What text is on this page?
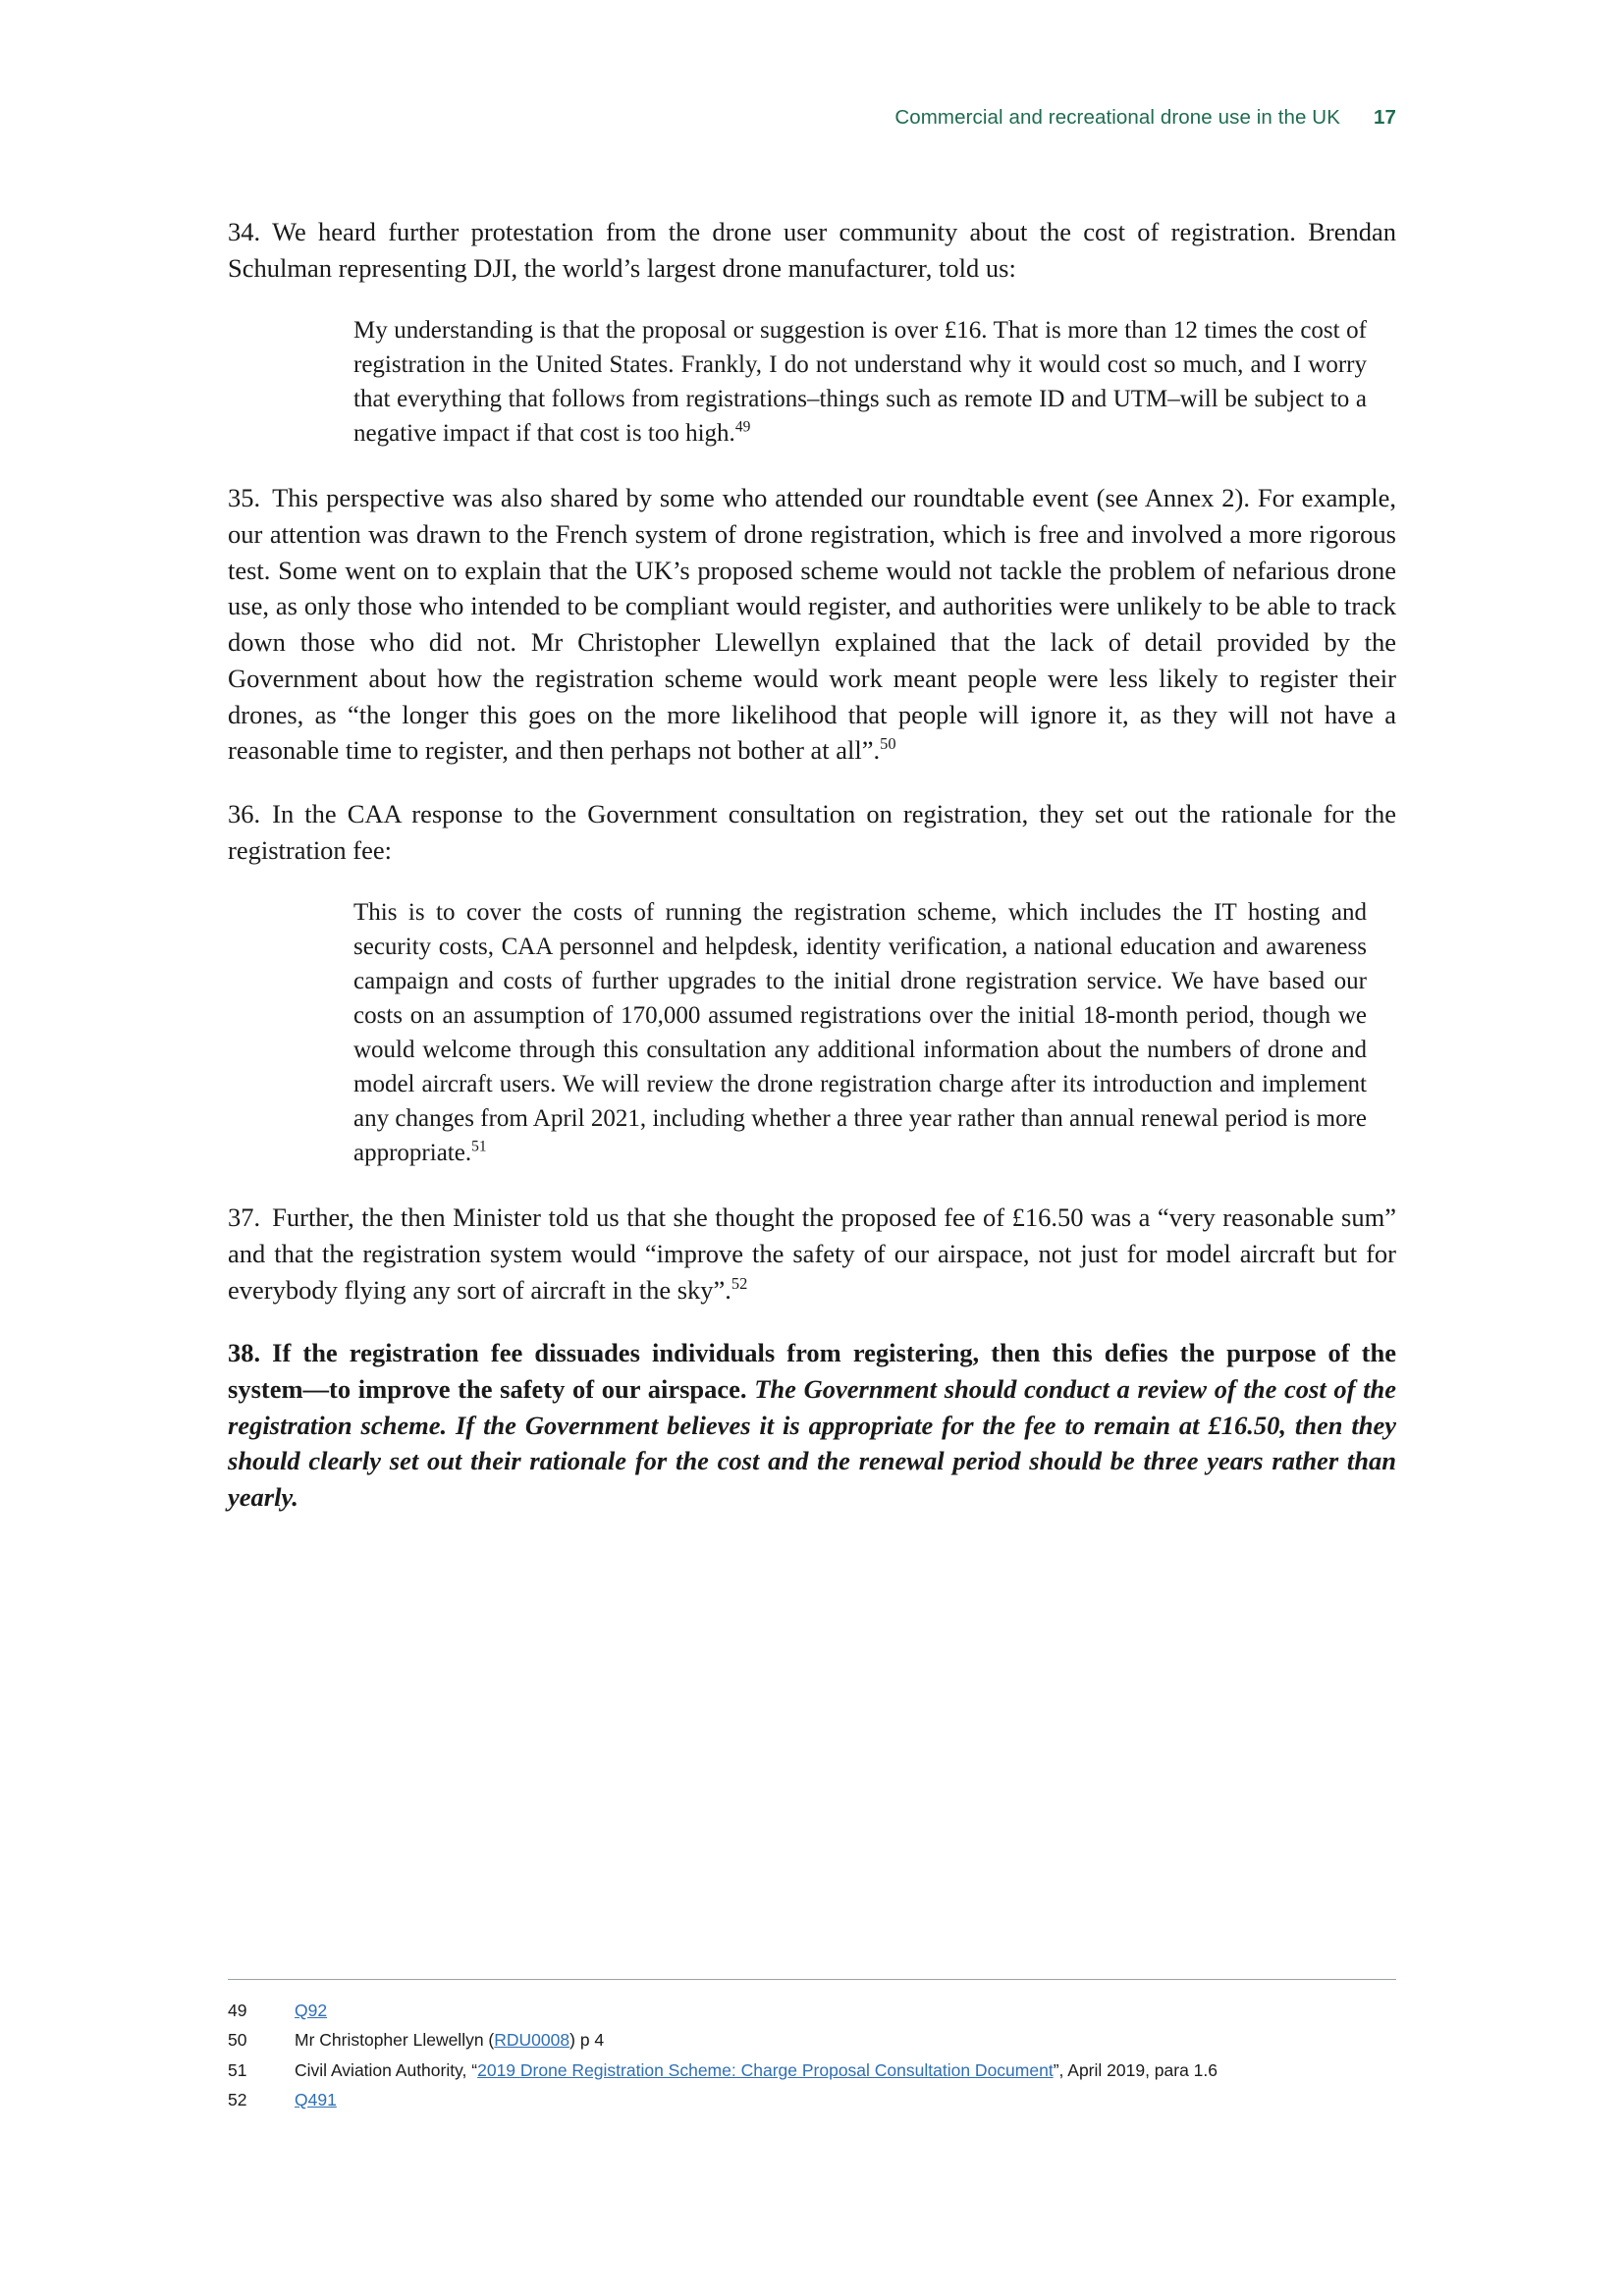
Commercial and recreational drone use in the UK 17

34. We heard further protestation from the drone user community about the cost of registration. Brendan Schulman representing DJI, the world’s largest drone manufacturer, told us:

My understanding is that the proposal or suggestion is over £16. That is more than 12 times the cost of registration in the United States. Frankly, I do not understand why it would cost so much, and I worry that everything that follows from registrations–things such as remote ID and UTM–will be subject to a negative impact if that cost is too high.$^{49}$

35. This perspective was also shared by some who attended our roundtable event (see Annex 2). For example, our attention was drawn to the French system of drone registration, which is free and involved a more rigorous test. Some went on to explain that the UK’s proposed scheme would not tackle the problem of nefarious drone use, as only those who intended to be compliant would register, and authorities were unlikely to be able to track down those who did not. Mr Christopher Llewellyn explained that the lack of detail provided by the Government about how the registration scheme would work meant people were less likely to register their drones, as “the longer this goes on the more likelihood that people will ignore it, as they will not have a reasonable time to register, and then perhaps not bother at all”.$^{50}$

36. In the CAA response to the Government consultation on registration, they set out the rationale for the registration fee:

This is to cover the costs of running the registration scheme, which includes the IT hosting and security costs, CAA personnel and helpdesk, identity verification, a national education and awareness campaign and costs of further upgrades to the initial drone registration service. We have based our costs on an assumption of 170,000 assumed registrations over the initial 18-month period, though we would welcome through this consultation any additional information about the numbers of drone and model aircraft users. We will review the drone registration charge after its introduction and implement any changes from April 2021, including whether a three year rather than annual renewal period is more appropriate.$^{51}$

37. Further, the then Minister told us that she thought the proposed fee of £16.50 was a “very reasonable sum” and that the registration system would “improve the safety of our airspace, not just for model aircraft but for everybody flying any sort of aircraft in the sky”.$^{52}$

38. If the registration fee dissuades individuals from registering, then this defies the purpose of the system—to improve the safety of our airspace. The Government should conduct a review of the cost of the registration scheme. If the Government believes it is appropriate for the fee to remain at £16.50, then they should clearly set out their rationale for the cost and the renewal period should be three years rather than yearly.

49	Q92
50	Mr Christopher Llewellyn (RDU0008) p 4
51	Civil Aviation Authority, “2019 Drone Registration Scheme: Charge Proposal Consultation Document”, April 2019, para 1.6
52	Q491
